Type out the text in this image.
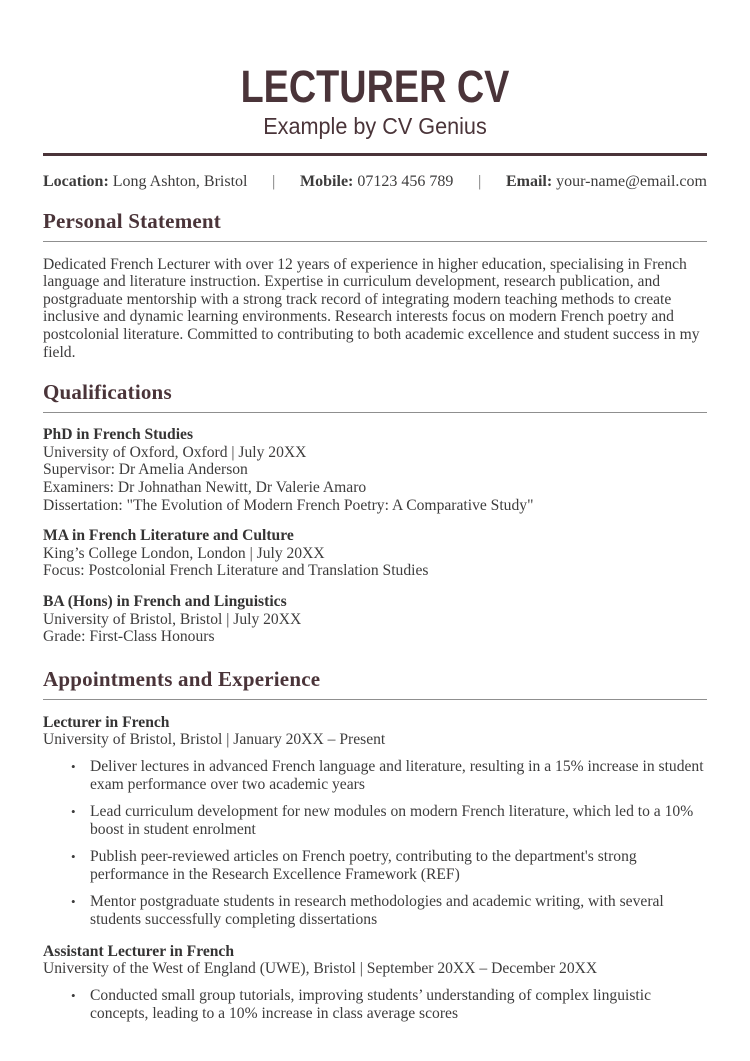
LECTURER CV
Example by CV Genius
Location: Long Ashton, Bristol | Mobile: 07123 456 789 | Email: your-name@email.com
Personal Statement

Dedicated French Lecturer with over 12 years of experience in higher education, specialising in French language and literature instruction. Expertise in curriculum development, research publication, and postgraduate mentorship with a strong track record of integrating modern teaching methods to create inclusive and dynamic learning environments. Research interests focus on modern French poetry and postcolonial literature. Committed to contributing to both academic excellence and student success in my field.

Qualifications
PhD in French Studies
University of Oxford, Oxford | July 20XX
Supervisor: Dr Amelia Anderson
Examiners: Dr Johnathan Newitt, Dr Valerie Amaro
Dissertation: "The Evolution of Modern French Poetry: A Comparative Study"
MA in French Literature and Culture
King’s College London, London | July 20XX
Focus: Postcolonial French Literature and Translation Studies
BA (Hons) in French and Linguistics
University of Bristol, Bristol | July 20XX
Grade: First-Class Honours
Appointments and Experience
Lecturer in French
University of Bristol, Bristol | January 20XX – Present
• Deliver lectures in advanced French language and literature, resulting in a 15% increase in student exam performance over two academic years
• Lead curriculum development for new modules on modern French literature, which led to a 10% boost in student enrolment
• Publish peer-reviewed articles on French poetry, contributing to the department's strong performance in the Research Excellence Framework (REF)
• Mentor postgraduate students in research methodologies and academic writing, with several students successfully completing dissertations
Assistant Lecturer in French
University of the West of England (UWE), Bristol | September 20XX – December 20XX
• Conducted small group tutorials, improving students’ understanding of complex linguistic concepts, leading to a 10% increase in class average scores
